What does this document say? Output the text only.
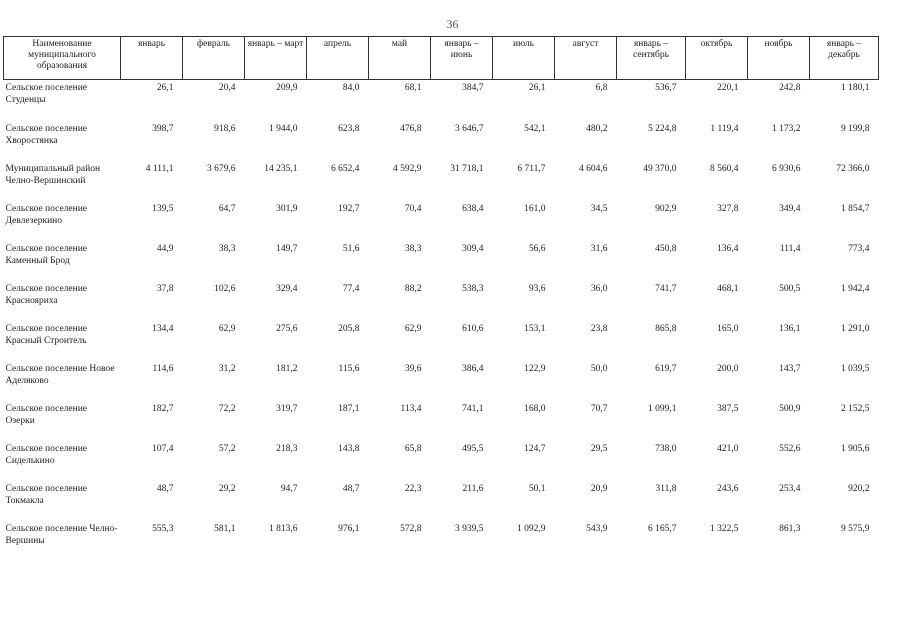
36
Наименование муниципального образования	январь	февраль	январь – март	апрель	май	январь – июнь	июль	август	январь – сентябрь	октябрь	ноябрь	январь – декабрь
Сельское поселение Студенцы	26,1	20,4	209,9	84,0	68,1	384,7	26,1	6,8	536,7	220,1	242,8	1 180,1
Сельское поселение Хворостянка	398,7	918,6	1 944,0	623,8	476,8	3 646,7	542,1	480,2	5 224,8	1 119,4	1 173,2	9 199,8
Муниципальный район Челно-Вершинский	4 111,1	3 679,6	14 235,1	6 652,4	4 592,9	31 718,1	6 711,7	4 604,6	49 370,0	8 560,4	6 930,6	72 366,0
Сельское поселение Девлезеркино	139,5	64,7	301,9	192,7	70,4	638,4	161,0	34,5	902,9	327,8	349,4	1 854,7
Сельское поселение Каменный Брод	44,9	38,3	149,7	51,6	38,3	309,4	56,6	31,6	450,8	136,4	111,4	773,4
Сельское поселение Краснояриха	37,8	102,6	329,4	77,4	88,2	538,3	93,6	36,0	741,7	468,1	500,5	1 942,4
Сельское поселение Красный Строитель	134,4	62,9	275,6	205,8	62,9	610,6	153,1	23,8	865,8	165,0	136,1	1 291,0
Сельское поселение Новое Аделяково	114,6	31,2	181,2	115,6	39,6	386,4	122,9	50,0	619,7	200,0	143,7	1 039,5
Сельское поселение Озерки	182,7	72,2	319,7	187,1	113,4	741,1	168,0	70,7	1 099,1	387,5	500,9	2 152,5
Сельское поселение Сиделькино	107,4	57,2	218,3	143,8	65,8	495,5	124,7	29,5	738,0	421,0	552,6	1 905,6
Сельское поселение Токмакла	48,7	29,2	94,7	48,7	22,3	211,6	50,1	20,9	311,8	243,6	253,4	920,2
Сельское поселение Челно-Вершины	555,3	581,1	1 813,6	976,1	572,8	3 939,5	1 092,9	543,9	6 165,7	1 322,5	861,3	9 575,9
